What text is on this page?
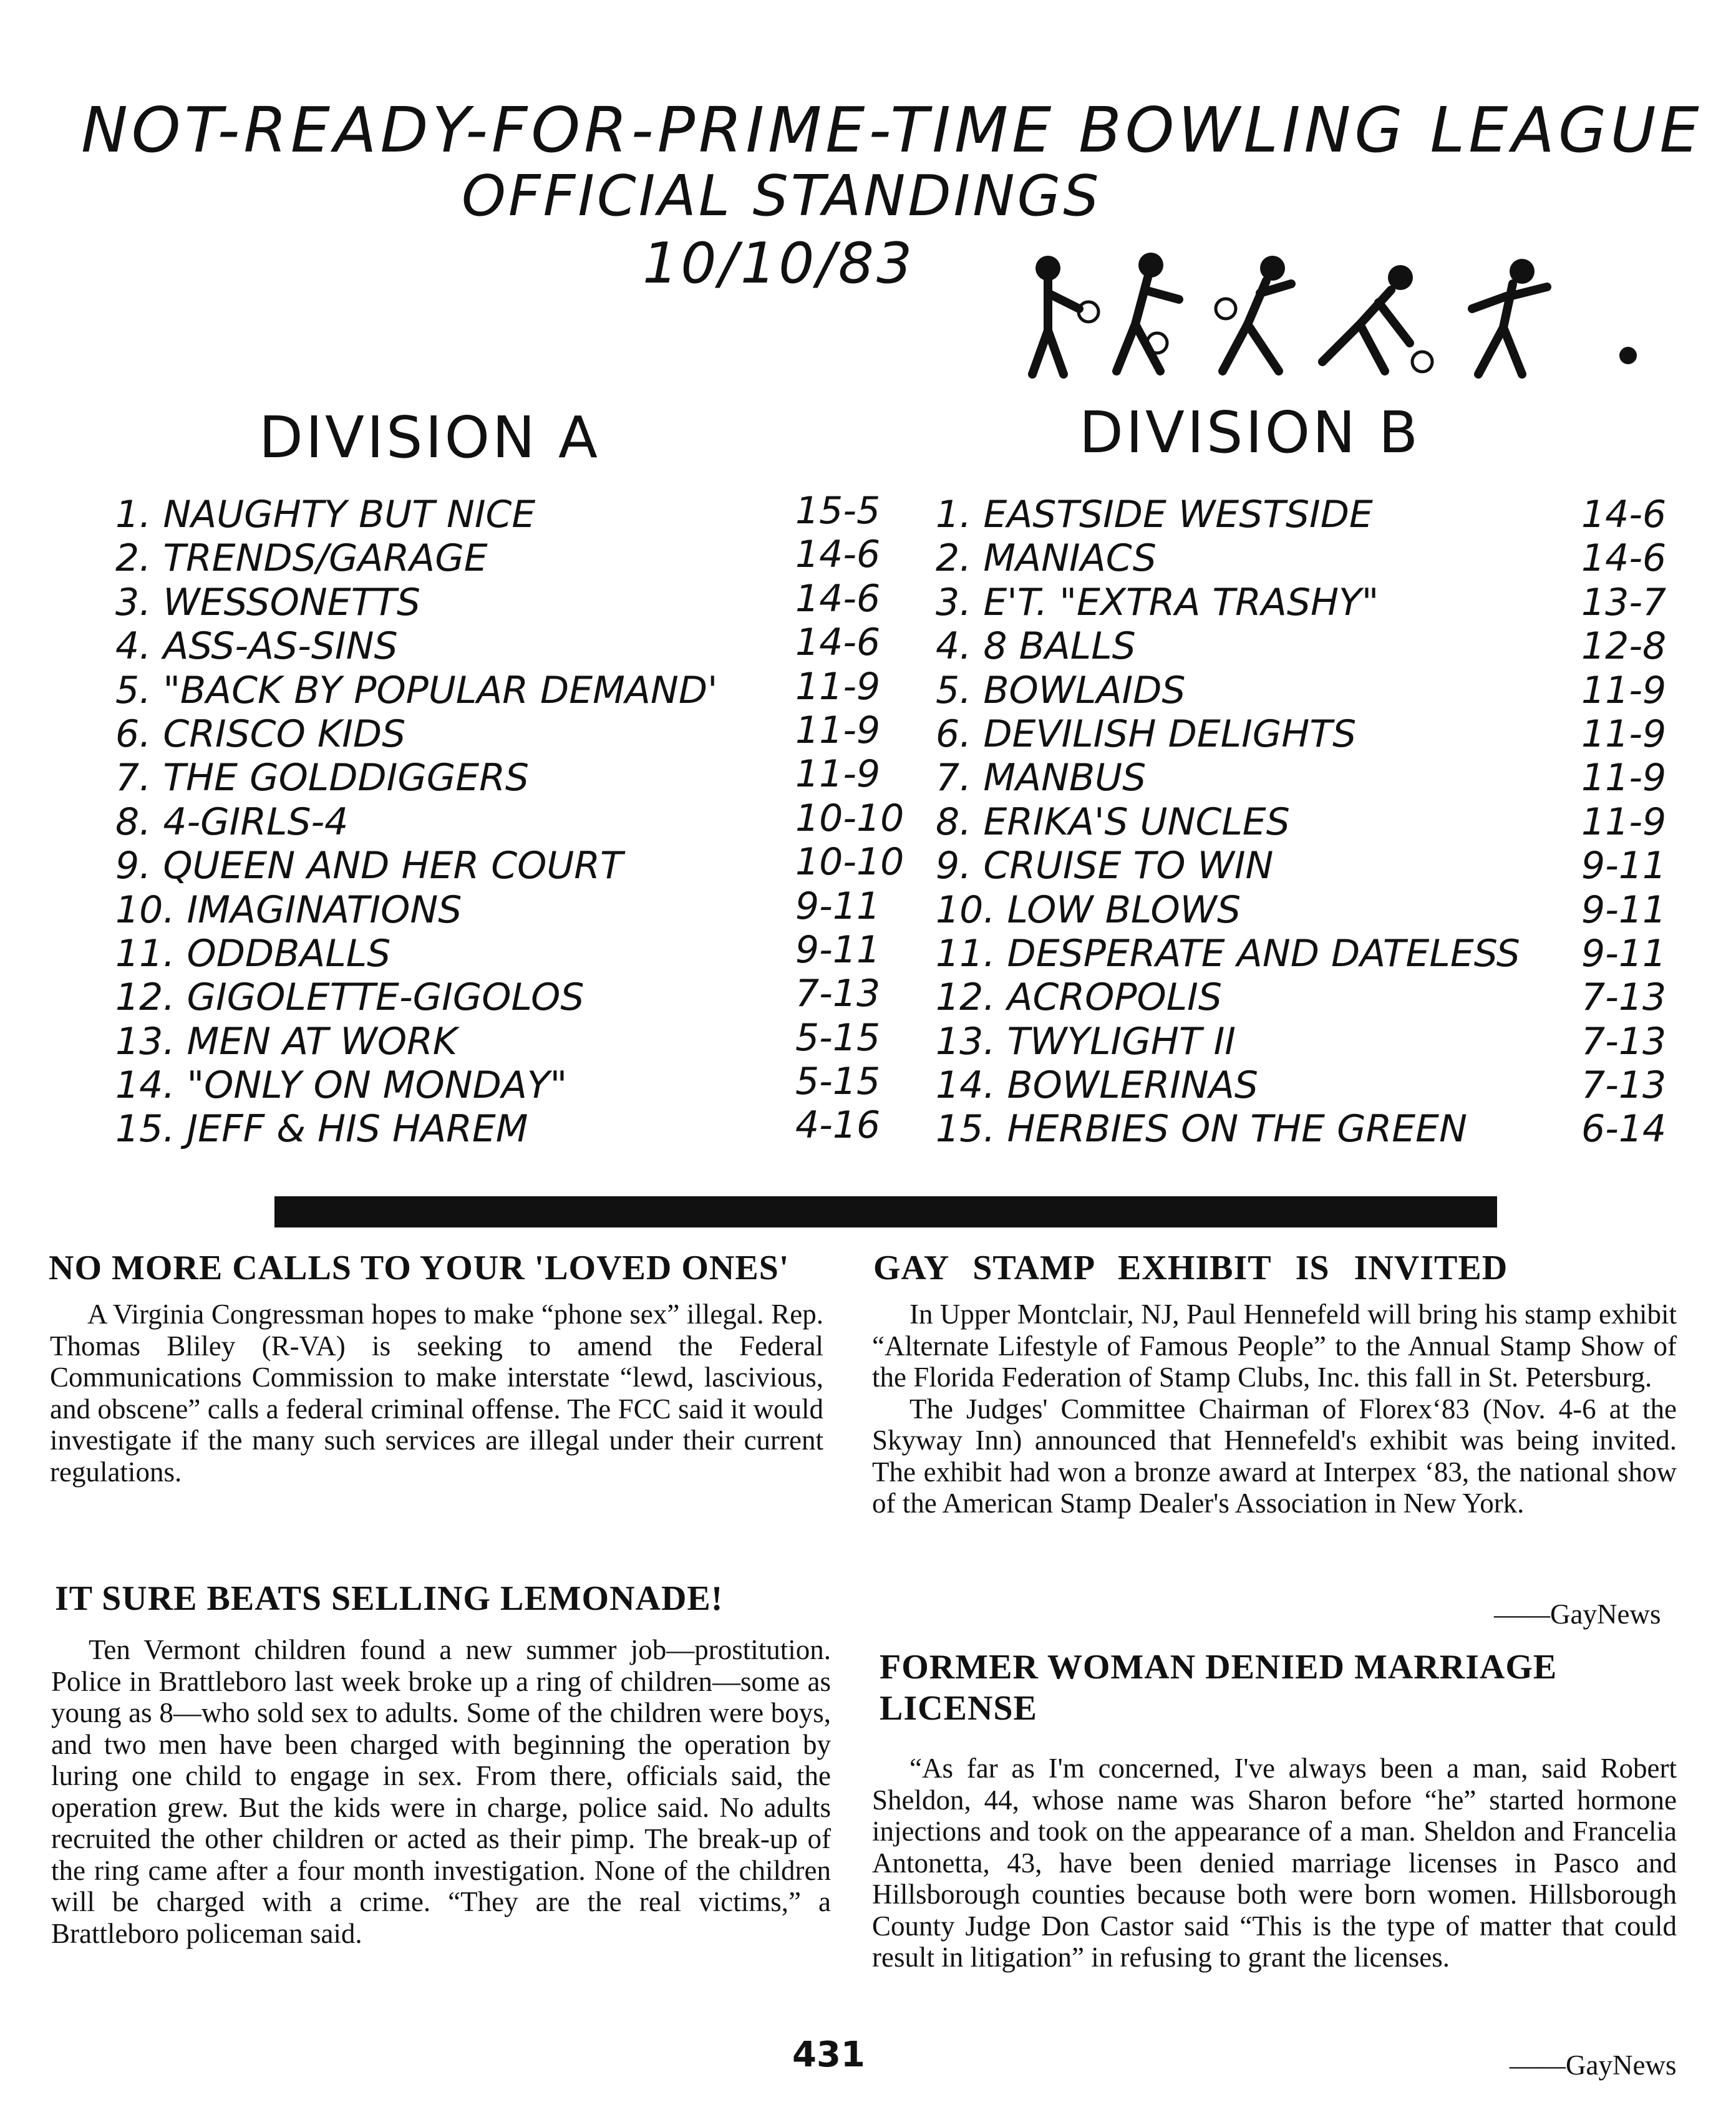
NOT-READY-FOR-PRIME-TIME BOWLING LEAGUE
OFFICIAL STANDINGS
10/10/83
DIVISION A	DIVISION B
1. NAUGHTY BUT NICE	15-5
2. TRENDS/GARAGE	14-6
3. WESSONETTS	14-6
4. ASS-AS-SINS	14-6
5. "BACK BY POPULAR DEMAND' 11-9
6. CRISCO KIDS	11-9
7. THE GOLDDIGGERS	11-9
8. 4-GIRLS-4	10-10
9. QUEEN AND HER COURT	10-10
10. IMAGINATIONS	9-11
11. ODDBALLS	9-11
12. GIGOLETTE-GIGOLOS	7-13
13. MEN AT WORK	5-15
14. "ONLY ON MONDAY"	5-15
15. JEFF & HIS HAREM	4-16
1. EASTSIDE WESTSIDE	14-6
2. MANIACS	14-6
3. E'T. "EXTRA TRASHY"	13-7
4. 8 BALLS	12-8
5. BOWLAIDS	11-9
6. DEVILISH DELIGHTS	11-9
7. MANBUS	11-9
8. ERIKA'S UNCLES	11-9
9. CRUISE TO WIN	9-11
10. LOW BLOWS	9-11
11. DESPERATE AND DATELESS 9-11
12. ACROPOLIS	7-13
13. TWYLIGHT II	7-13
14. BOWLERINAS	7-13
15. HERBIES ON THE GREEN	6-14
NO MORE CALLS TO YOUR 'LOVED ONES'

A Virginia Congressman hopes to make “phone sex” illegal. Rep. Thomas Bliley (R-VA) is seeking to amend the Federal Communications Commission to make interstate “lewd, lascivious, and obscene” calls a federal criminal offense. The FCC said it would investigate if the many such services are illegal under their current regulations.

IT SURE BEATS SELLING LEMONADE!

Ten Vermont children found a new summer job—prostitution. Police in Brattleboro last week broke up a ring of children—some as young as 8—who sold sex to adults. Some of the children were boys, and two men have been charged with beginning the operation by luring one child to engage in sex. From there, officials said, the operation grew. But the kids were in charge, police said. No adults recruited the other children or acted as their pimp. The break-up of the ring came after a four month investigation. None of the children will be charged with a crime. “They are the real victims,” a Brattleboro policeman said.

GAY STAMP EXHIBIT IS INVITED

In Upper Montclair, NJ, Paul Hennefeld will bring his stamp exhibit “Alternate Lifestyle of Famous People” to the Annual Stamp Show of the Florida Federation of Stamp Clubs, Inc. this fall in St. Petersburg.

The Judges' Committee Chairman of Florex‘83 (Nov. 4-6 at the Skyway Inn) announced that Hennefeld's exhibit was being invited. The exhibit had won a bronze award at Interpex ‘83, the national show of the American Stamp Dealer's Association in New York.

——GayNews
FORMER WOMAN DENIED MARRIAGE LICENSE

“As far as I'm concerned, I've always been a man, said Robert Sheldon, 44, whose name was Sharon before “he” started hormone injections and took on the appearance of a man. Sheldon and Francelia Antonetta, 43, have been denied marriage licenses in Pasco and Hillsborough counties because both were born women. Hillsborough County Judge Don Castor said “This is the type of matter that could result in litigation” in refusing to grant the licenses.

——GayNews
431
